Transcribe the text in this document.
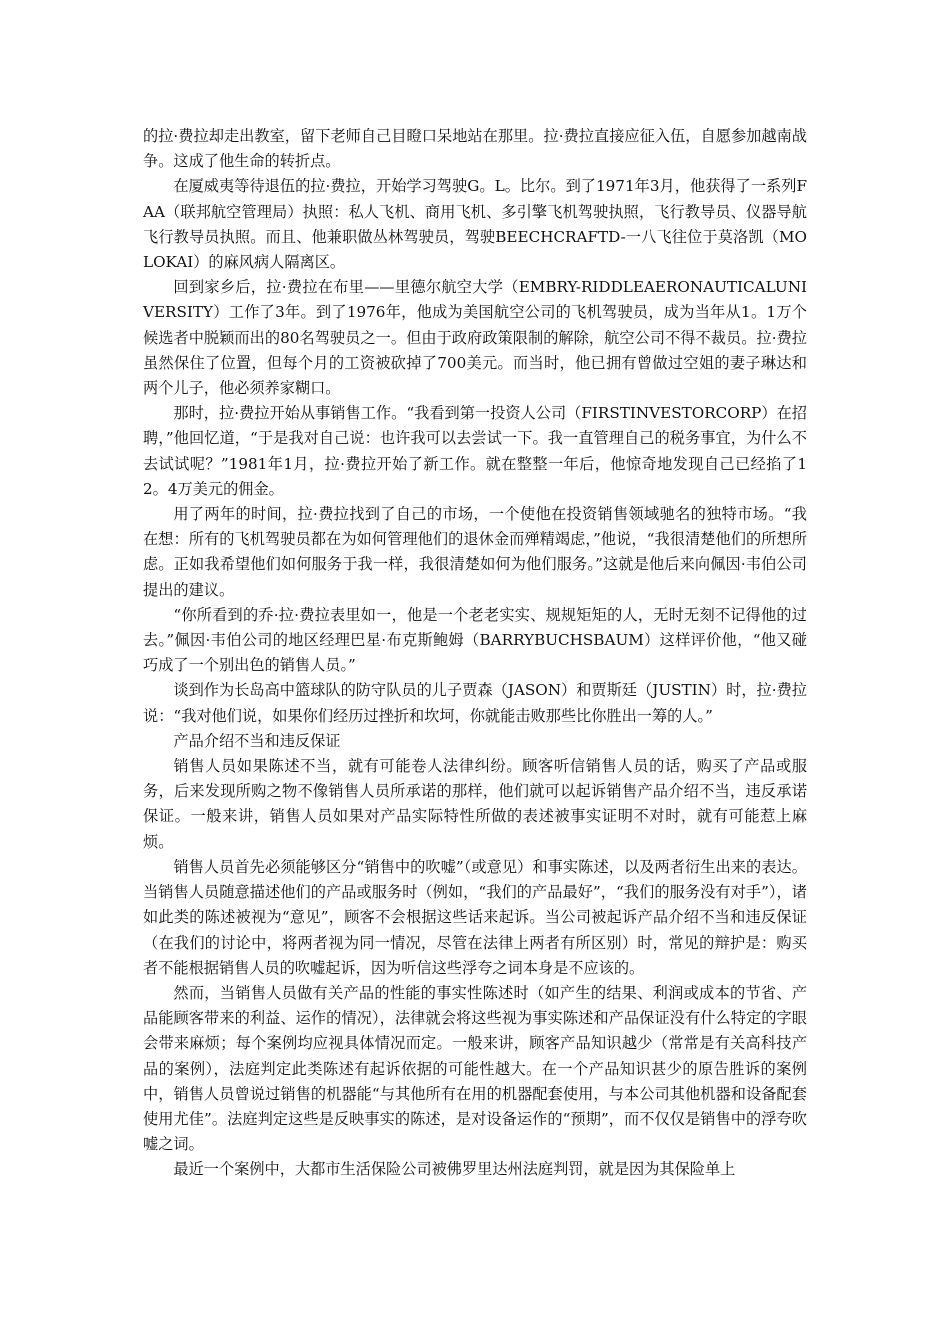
的拉·费拉却走出教室，留下老师自己目瞪口呆地站在那里。拉·费拉直接应征入伍，自愿参加越南战争。这成了他生命的转折点。

在厦威夷等待退伍的拉·费拉，开始学习驾驶G。L。比尔。到了1971年3月，他获得了一系列FAA（联邦航空管理局）执照：私人飞机、商用飞机、多引擎飞机驾驶执照，飞行教导员、仪器导航飞行教导员执照。而且、他兼职做丛林驾驶员，驾驶BEECHCRAFTD-一八飞往位于莫洛凯（MOLOKAI）的麻风病人隔离区。

回到家乡后，拉·费拉在布里——里德尔航空大学（EMBRY-RIDDLEAERONAUTICALUNIVERSITY）工作了3年。到了1976年，他成为美国航空公司的飞机驾驶员，成为当年从1。1万个候选者中脱颖而出的80名驾驶员之一。但由于政府政策限制的解除，航空公司不得不裁员。拉·费拉虽然保住了位置，但每个月的工资被砍掉了700美元。而当时，他已拥有曾做过空姐的妻子琳达和两个儿子，他必须养家糊口。

那时，拉·费拉开始从事销售工作。“我看到第一投资人公司（FIRSTINVESTORCORP）在招聘，”他回忆道，“于是我对自己说：也许我可以去尝试一下。我一直管理自己的税务事宜，为什么不去试试呢？”1981年1月，拉·费拉开始了新工作。就在整整一年后，他惊奇地发现自己已经掐了12。4万美元的佣金。

用了两年的时间，拉·费拉找到了自己的市场，一个使他在投资销售领域驰名的独特市场。“我在想：所有的飞机驾驶员都在为如何管理他们的退休金而殚精竭虑，”他说，“我很清楚他们的所想所虑。正如我希望他们如何服务于我一样，我很清楚如何为他们服务。”这就是他后来向佩因·韦伯公司提出的建议。

“你所看到的乔·拉·费拉表里如一，他是一个老老实实、规规矩矩的人，无时无刻不记得他的过去。”佩因·韦伯公司的地区经理巴星·布克斯鲍姆（BARRYBUCHSBAUM）这样评价他，“他又碰巧成了一个别出色的销售人员。”

谈到作为长岛高中篮球队的防守队员的儿子贾森（JASON）和贾斯廷（JUSTIN）时，拉·费拉说：“我对他们说，如果你们经历过挫折和坎坷，你就能击败那些比你胜出一筹的人。”

产品介绍不当和违反保证

销售人员如果陈述不当，就有可能卷人法律纠纷。顾客听信销售人员的话，购买了产品或服务，后来发现所购之物不像销售人员所承诺的那样，他们就可以起诉销售产品介绍不当，违反承诺保证。一般来讲，销售人员如果对产品实际特性所做的表述被事实证明不对时，就有可能惹上麻烦。

销售人员首先必须能够区分“销售中的吹嘘”（或意见）和事实陈述，以及两者衍生出来的表达。当销售人员随意描述他们的产品或服务时（例如，“我们的产品最好”，“我们的服务没有对手”），诸如此类的陈述被视为“意见”，顾客不会根据这些话来起诉。当公司被起诉产品介绍不当和违反保证（在我们的讨论中，将两者视为同一情况，尽管在法律上两者有所区别）时，常见的辩护是：购买者不能根据销售人员的吹嘘起诉，因为听信这些浮夸之词本身是不应该的。

然而，当销售人员做有关产品的性能的事实性陈述时（如产生的结果、利润或成本的节省、产品能顾客带来的利益、运作的情况），法律就会将这些视为事实陈述和产品保证没有什么特定的字眼会带来麻烦；每个案例均应视具体情况而定。一般来讲，顾客产品知识越少（常常是有关高科技产品的案例），法庭判定此类陈述有起诉依据的可能性越大。在一个产品知识甚少的原告胜诉的案例中，销售人员曾说过销售的机器能“与其他所有在用的机器配套使用，与本公司其他机器和设备配套使用尤佳”。法庭判定这些是反映事实的陈述，是对设备运作的“预期”，而不仅仅是销售中的浮夸吹嘘之词。

最近一个案例中，大都市生活保险公司被佛罗里达州法庭判罚，就是因为其保险单上
